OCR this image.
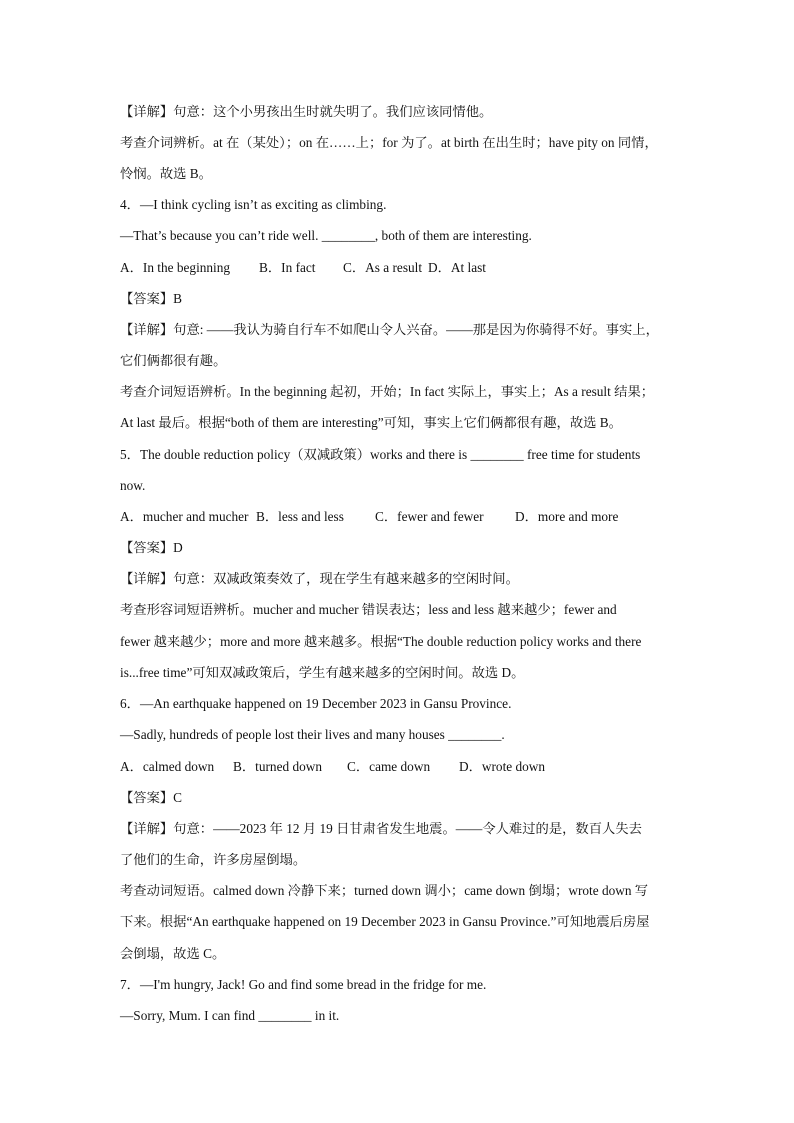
【详解】句意：这个小男孩出生时就失明了。我们应该同情他。
考查介词辨析。at 在（某处）；on 在……上；for 为了。at birth 在出生时；have pity on 同情，
怜悯。故选 B。
4．—I think cycling isn’t as exciting as climbing.
—That’s because you can’t ride well. ________, both of them are interesting.
A．In the beginning B．In fact C．As a result D．At last
【答案】B
【详解】句意: ——我认为骑自行车不如爬山令人兴奋。——那是因为你骑得不好。事实上，
它们俩都很有趣。
考查介词短语辨析。In the beginning 起初，开始；In fact 实际上，事实上；As a result 结果；
At last 最后。根据“both of them are interesting”可知，事实上它们俩都很有趣，故选 B。
5．The double reduction policy（双减政策）works and there is ________ free time for students
now.
A．mucher and mucher B．less and less C．fewer and fewer D．more and more
【答案】D
【详解】句意：双减政策奏效了，现在学生有越来越多的空闲时间。
考查形容词短语辨析。mucher and mucher 错误表达；less and less 越来越少；fewer and
fewer 越来越少；more and more 越来越多。根据“The double reduction policy works and there
is...free time”可知双减政策后，学生有越来越多的空闲时间。故选 D。
6．—An earthquake happened on 19 December 2023 in Gansu Province.
—Sadly, hundreds of people lost their lives and many houses ________.
A．calmed down B．turned down C．came down D．wrote down
【答案】C
【详解】句意：——2023 年 12 月 19 日甘肃省发生地震。——令人难过的是，数百人失去
了他们的生命，许多房屋倒塌。
考查动词短语。calmed down 冷静下来；turned down 调小；came down 倒塌；wrote down 写
下来。根据“An earthquake happened on 19 December 2023 in Gansu Province.”可知地震后房屋
会倒塌，故选 C。
7．—I'm hungry, Jack! Go and find some bread in the fridge for me.
—Sorry, Mum. I can find ________ in it.
